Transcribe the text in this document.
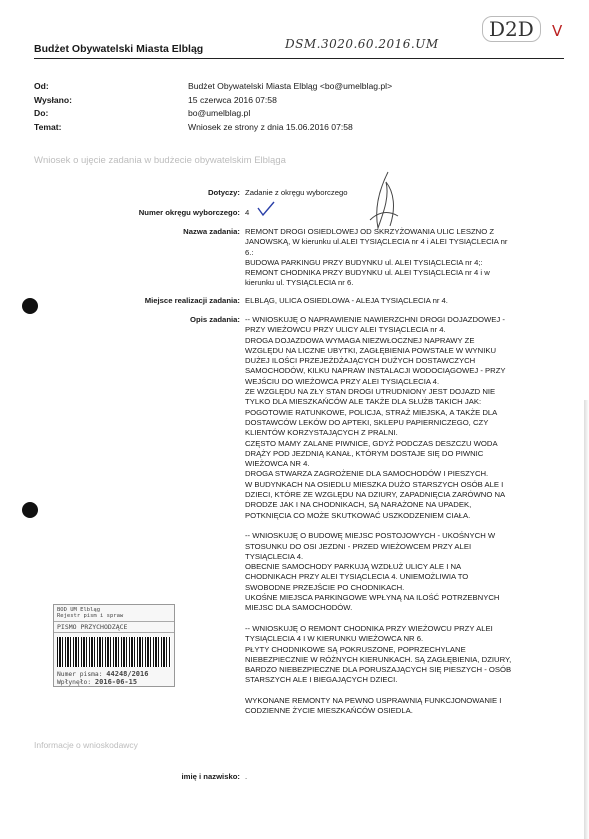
Budżet Obywatelski Miasta Elbląg	DSM.3020.60.2016.UM
D2D	V
Od:	Budżet Obywatelski Miasta Elbląg <bo@umelblag.pl>
Wysłano:	15 czerwca 2016 07:58
Do:	bo@umelblag.pl
Temat:	Wniosek ze strony z dnia 15.06.2016 07:58
Wniosek o ujęcie zadania w budżecie obywatelskim Elbląga
Dotyczy: Zadanie z okręgu wyborczego
Numer okręgu wyborczego: 4
Nazwa zadania: REMONT DROGI OSIEDLOWEJ OD SKRZYŻOWANIA ULIC LESZNO Z

JANOWSKĄ, W kierunku ul.ALEI TYSIĄCLECIA nr 4 i ALEI TYSIĄCLECIA nr

6.:

BUDOWA PARKINGU PRZY BUDYNKU ul. ALEI TYSIĄCLECIA nr 4;:

REMONT CHODNIKA PRZY BUDYNKU ul. ALEI TYSIĄCLECIA nr 4 i w

kierunku ul. TYSIĄCLECIA nr 6.

Miejsce realizacji zadania: ELBLĄG, ULICA OSIEDLOWA - ALEJA TYSIĄCLECIA nr 4.
Opis zadania: -- WNIOSKUJĘ O NAPRAWIENIE NAWIERZCHNI DROGI DOJAZDOWEJ -

PRZY WIEŻOWCU PRZY ULICY ALEI TYSIĄCLECIA nr 4.

DROGA DOJAZDOWA WYMAGA NIEZWŁOCZNEJ NAPRAWY ZE

WZGLĘDU NA LICZNE UBYTKI, ZAGŁĘBIENIA POWSTAŁE W WYNIKU

DUŻEJ ILOŚCI PRZEJEŻDŻAJĄCYCH DUŻYCH DOSTAWCZYCH

SAMOCHODÓW, KILKU NAPRAW INSTALACJI WODOCIĄGOWEJ - PRZY

WEJŚCIU DO WIEŻOWCA PRZY ALEI TYSIĄCLECIA 4.

ZE WZGLĘDU NA ZŁY STAN DROGI UTRUDNIONY JEST DOJAZD NIE

TYLKO DLA MIESZKAŃCÓW ALE TAKŻE DLA SŁUŻB TAKICH JAK:

POGOTOWIE RATUNKOWE, POLICJA, STRAŻ MIEJSKA, A TAKŻE DLA

DOSTAWCÓW LEKÓW DO APTEKI, SKLEPU PAPIERNICZEGO, CZY

KLIENTÓW KORZYSTAJĄCYCH Z PRALNI.

CZĘSTO MAMY ZALANE PIWNICE, GDYŻ PODCZAS DESZCZU WODA

DRĄŻY POD JEZDNIĄ KANAŁ, KTÓRYM DOSTAJE SIĘ DO PIWNIC

WIEŻOWCA NR 4.

DROGA STWARZA ZAGROŻENIE DLA SAMOCHODÓW I PIESZYCH.

W BUDYNKACH NA OSIEDLU MIESZKA DUŻO STARSZYCH OSÓB ALE I

DZIECI, KTÓRE ZE WZGLĘDU NA DZIURY, ZAPADNIĘCIA ZARÓWNO NA

DRODZE JAK I NA CHODNIKACH, SĄ NARAŻONE NA UPADEK,

POTKNIĘCIA CO MOŻE SKUTKOWAĆ USZKODZENIEM CIAŁA.

-- WNIOSKUJĘ O BUDOWĘ MIEJSC POSTOJOWYCH - UKOŚNYCH W

STOSUNKU DO OSI JEZDNI - PRZED WIEŻOWCEM PRZY ALEI

TYSIĄCLECIA 4.

OBECNIE SAMOCHODY PARKUJĄ WZDŁUŻ ULICY ALE I NA

CHODNIKACH PRZY ALEI TYSIĄCLECIA 4. UNIEMOŻLIWIA TO

SWOBODNE PRZEJŚCIE PO CHODNIKACH.

UKOŚNE MIEJSCA PARKINGOWE WPŁYNĄ NA ILOŚĆ POTRZEBNYCH

MIEJSC DLA SAMOCHODÓW.

-- WNIOSKUJĘ O REMONT CHODNIKA PRZY WIEŻOWCU PRZY ALEI

TYSIĄCLECIA 4 I W KIERUNKU WIEŻOWCA NR 6.

PŁYTY CHODNIKOWE SĄ POKRUSZONE, POPRZECHYLANE

NIEBEZPIECZNIE W RÓŻNYCH KIERUNKACH. SĄ ZAGŁĘBIENIA, DZIURY,

BARDZO NIEBEZPIECZNE DLA PORUSZAJĄCYCH SIĘ PIESZYCH - OSÓB

STARSZYCH ALE I BIEGAJĄCYCH DZIECI.

WYKONANE REMONTY NA PEWNO USPRAWNIĄ FUNKCJONOWANIE I

CODZIENNE ŻYCIE MIESZKAŃCÓW OSIEDLA.

BOD UM Elbląg
Rejestr pism i spraw
PISMO PRZYCHODZĄCE
Numer pisma: 44248/2016
Wpłynęło: 2016-06-15
Informacje o wnioskodawcy
imię i nazwisko: .
